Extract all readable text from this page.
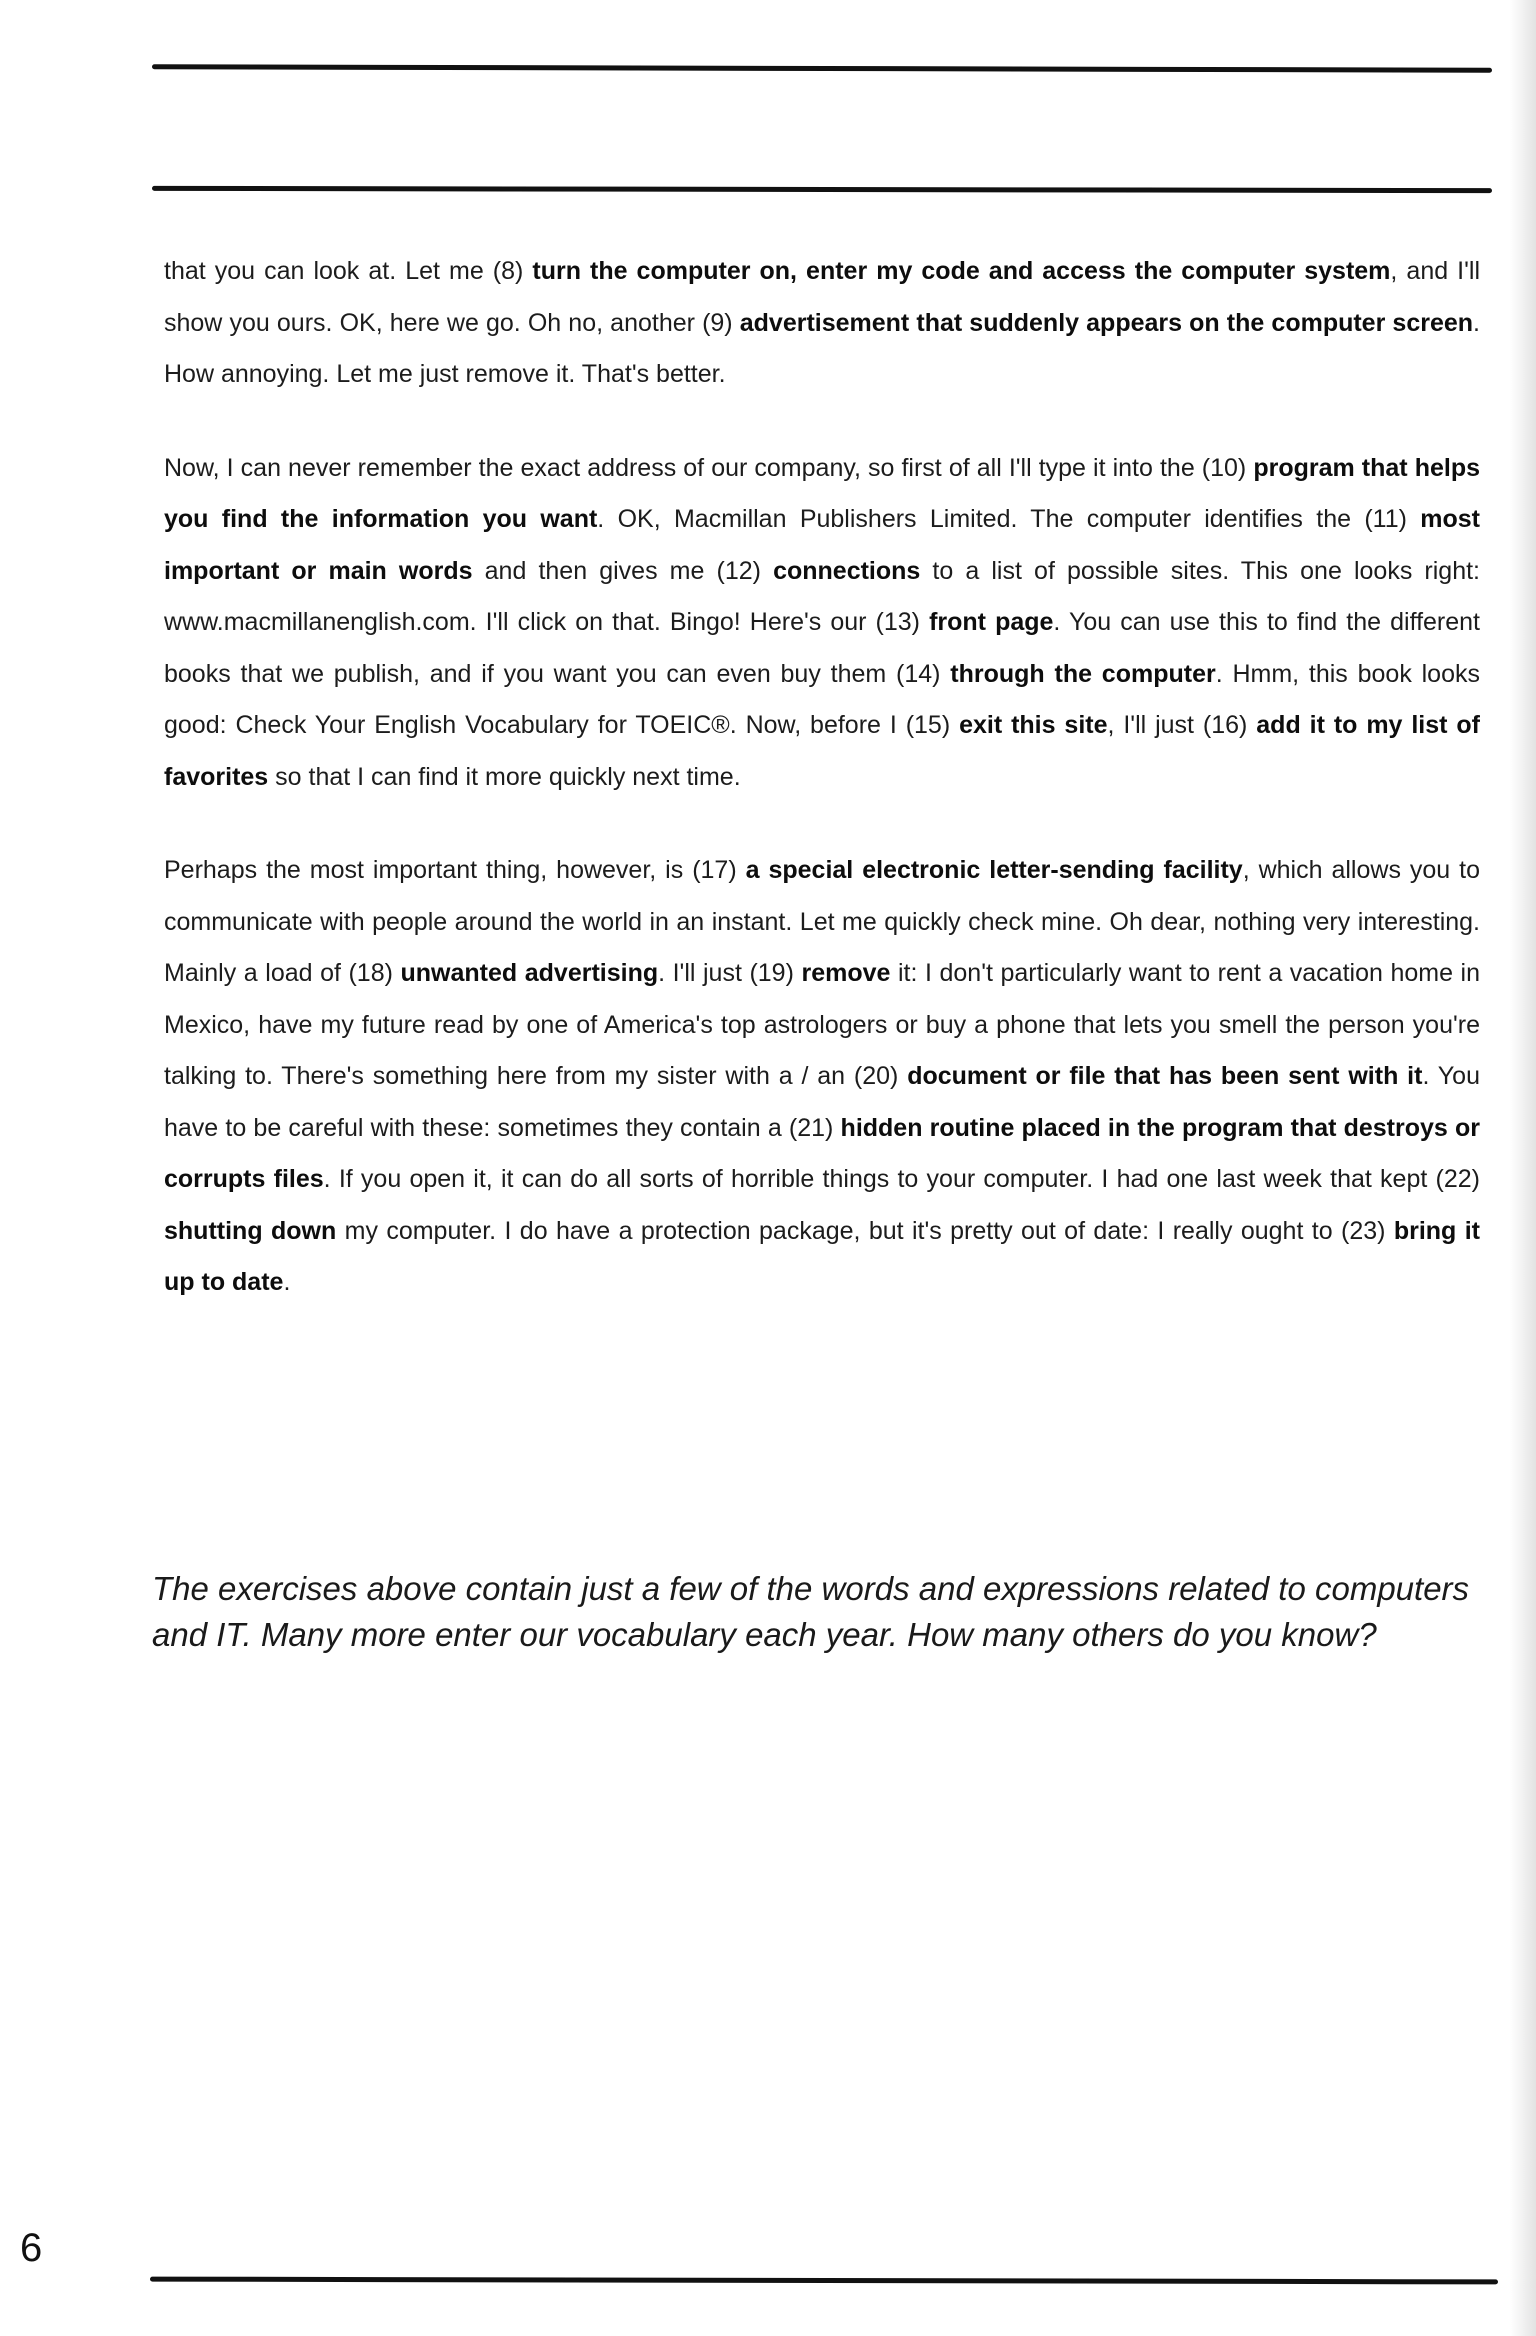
that you can look at. Let me (8) turn the computer on, enter my code and access the computer system, and I'll show you ours. OK, here we go. Oh no, another (9) advertisement that suddenly appears on the computer screen. How annoying. Let me just remove it. That's better.

Now, I can never remember the exact address of our company, so first of all I'll type it into the (10) program that helps you find the information you want. OK, Macmillan Publishers Limited. The computer identifies the (11) most important or main words and then gives me (12) connections to a list of possible sites. This one looks right: www.macmillanenglish.com. I'll click on that. Bingo! Here's our (13) front page. You can use this to find the different books that we publish, and if you want you can even buy them (14) through the computer. Hmm, this book looks good: Check Your English Vocabulary for TOEIC®. Now, before I (15) exit this site, I'll just (16) add it to my list of favorites so that I can find it more quickly next time.

Perhaps the most important thing, however, is (17) a special electronic letter-sending facility, which allows you to communicate with people around the world in an instant. Let me quickly check mine. Oh dear, nothing very interesting. Mainly a load of (18) unwanted advertising. I'll just (19) remove it: I don't particularly want to rent a vacation home in Mexico, have my future read by one of America's top astrologers or buy a phone that lets you smell the person you're talking to. There's something here from my sister with a / an (20) document or file that has been sent with it. You have to be careful with these: sometimes they contain a (21) hidden routine placed in the program that destroys or corrupts files. If you open it, it can do all sorts of horrible things to your computer. I had one last week that kept (22) shutting down my computer. I do have a protection package, but it's pretty out of date: I really ought to (23) bring it up to date.

The exercises above contain just a few of the words and expressions related to computers and IT. Many more enter our vocabulary each year. How many others do you know?

6
